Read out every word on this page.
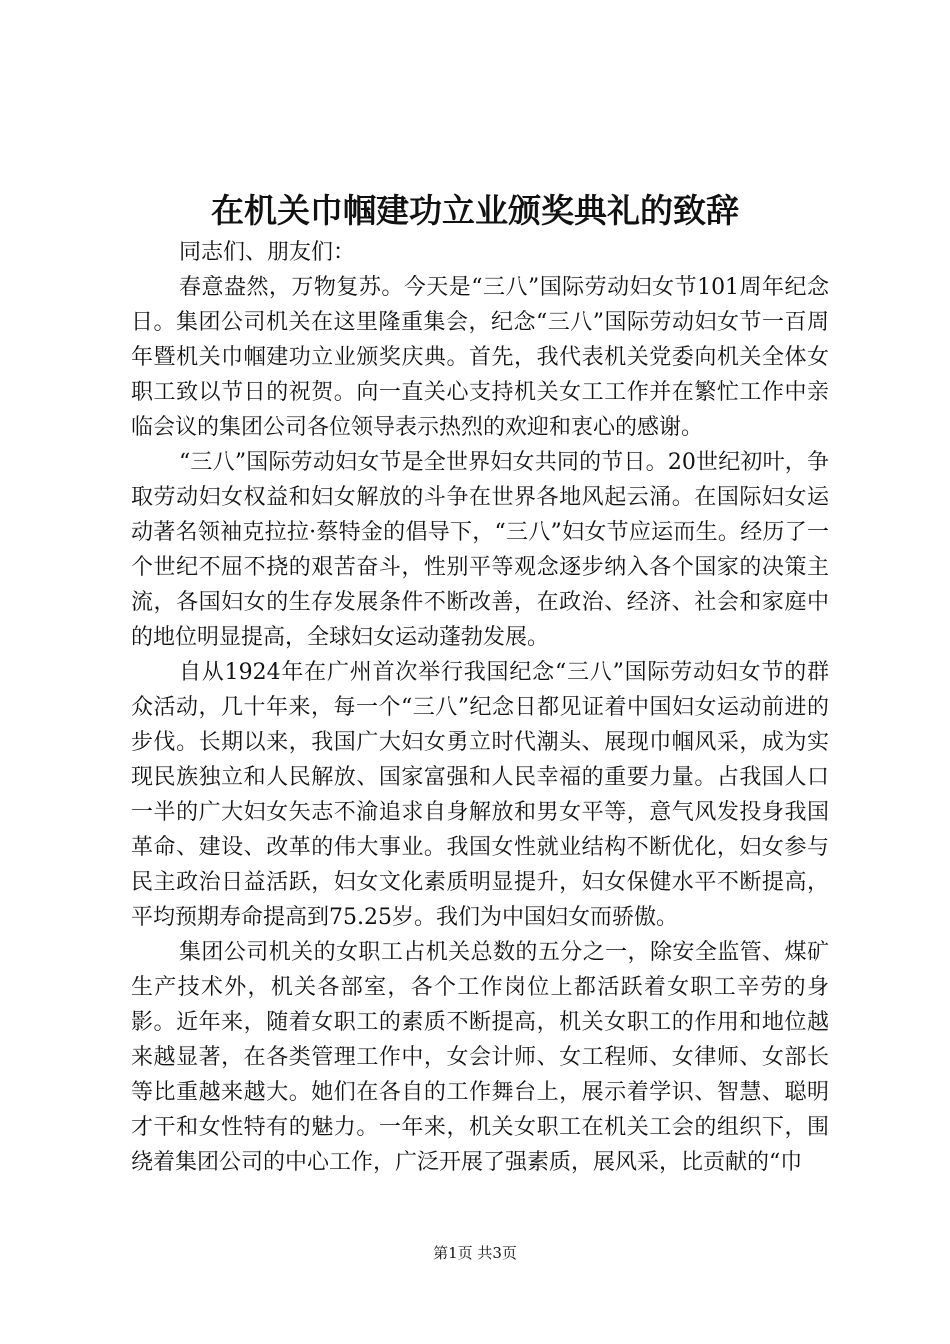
在机关巾帼建功立业颁奖典礼的致辞

同志们、朋友们：

春意盎然，万物复苏。今天是“三八”国际劳动妇女节101周年纪念日。集团公司机关在这里隆重集会，纪念“三八”国际劳动妇女节一百周年暨机关巾帼建功立业颁奖庆典。首先，我代表机关党委向机关全体女职工致以节日的祝贺。向一直关心支持机关女工工作并在繁忙工作中亲临会议的集团公司各位领导表示热烈的欢迎和衷心的感谢。

“三八”国际劳动妇女节是全世界妇女共同的节日。20世纪初叶，争取劳动妇女权益和妇女解放的斗争在世界各地风起云涌。在国际妇女运动著名领袖克拉拉·蔡特金的倡导下，“三八”妇女节应运而生。经历了一个世纪不屈不挠的艰苦奋斗，性别平等观念逐步纳入各个国家的决策主流，各国妇女的生存发展条件不断改善，在政治、经济、社会和家庭中的地位明显提高，全球妇女运动蓬勃发展。

自从1924年在广州首次举行我国纪念“三八”国际劳动妇女节的群众活动，几十年来，每一个“三八”纪念日都见证着中国妇女运动前进的步伐。长期以来，我国广大妇女勇立时代潮头、展现巾帼风采，成为实现民族独立和人民解放、国家富强和人民幸福的重要力量。占我国人口一半的广大妇女矢志不渝追求自身解放和男女平等，意气风发投身我国革命、建设、改革的伟大事业。我国女性就业结构不断优化，妇女参与民主政治日益活跃，妇女文化素质明显提升，妇女保健水平不断提高，平均预期寿命提高到75.25岁。我们为中国妇女而骄傲。

集团公司机关的女职工占机关总数的五分之一，除安全监管、煤矿生产技术外，机关各部室，各个工作岗位上都活跃着女职工辛劳的身影。近年来，随着女职工的素质不断提高，机关女职工的作用和地位越来越显著，在各类管理工作中，女会计师、女工程师、女律师、女部长等比重越来越大。她们在各自的工作舞台上，展示着学识、智慧、聪明才干和女性特有的魅力。一年来，机关女职工在机关工会的组织下，围绕着集团公司的中心工作，广泛开展了强素质，展风采，比贡献的“巾

第1页 共3页
